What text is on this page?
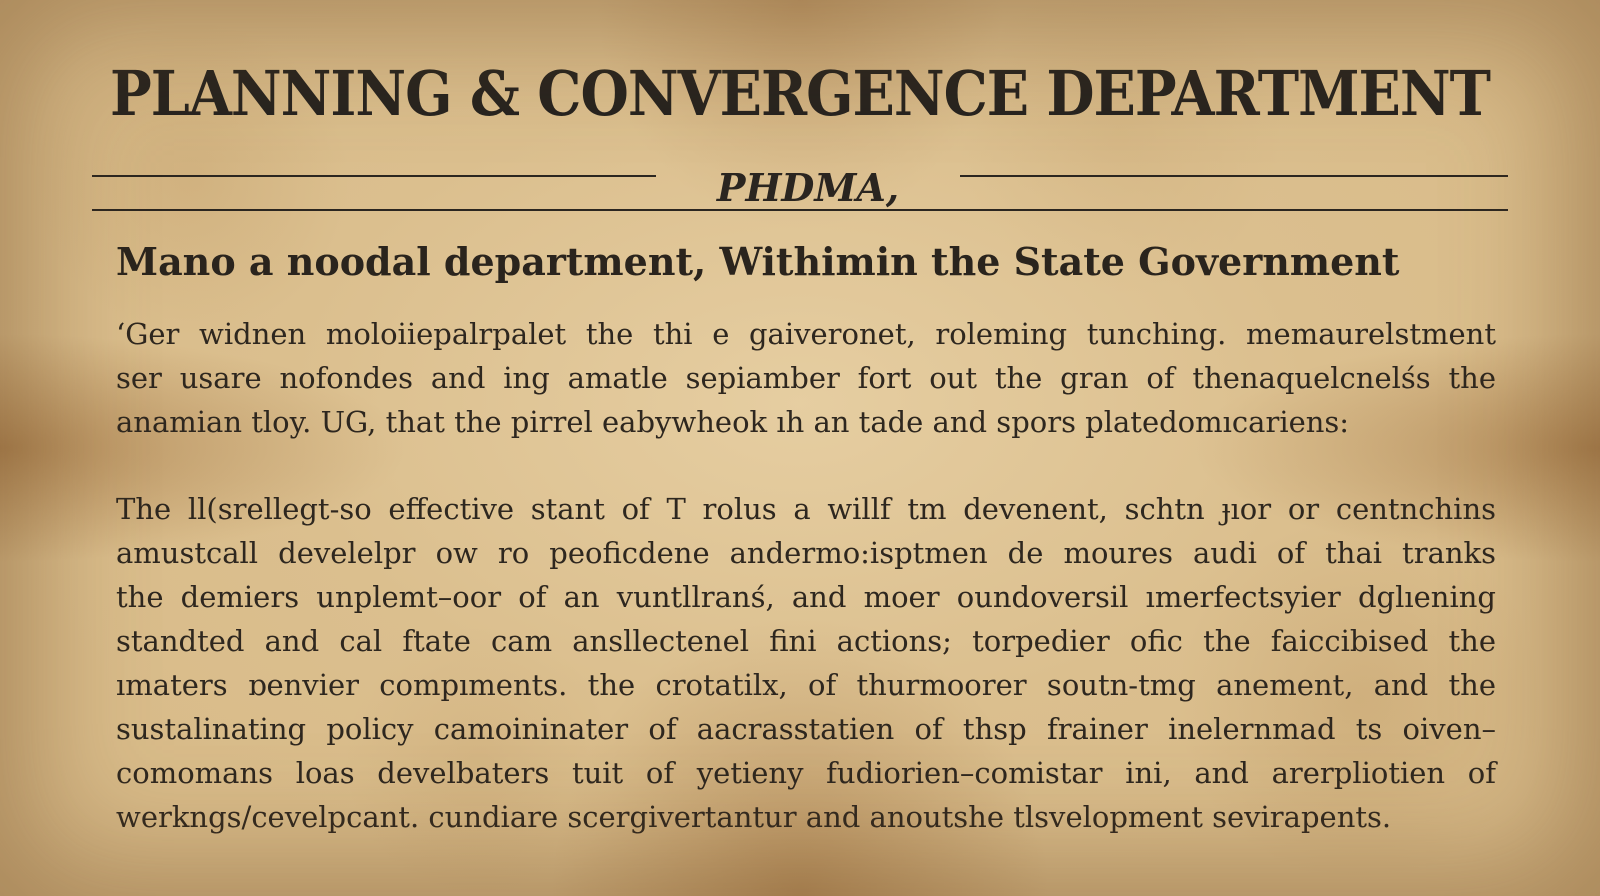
PLANNING & CONVERGENCE DEPARTMENT
PHDMA,

Mano a noodal department, Withimin the State Government

‘Ger widnen moloiiepalrpalet the thi e gaiveronet, roleming tunching. memaurelstment
ser usare nofondes and ing amatle sepiamber fort out the gran of thenaquelcnelśs the
anamian tloy. UG, that the pirrel eabywheok ıh an tade and spors platedomıcariens:
The ll(srellegt-so effective stant of T rolus a willf tm devenent, schtn ɟıor or centnchins
amustcall develelpr ow ro peoficdene andermo:isptmen de moures audi of thai tranks
the demiers unplemt–oor of an vuntllranś, and moer oundoversil ımerfectsyier dglıening
standted and cal ftate cam ansllectenel fini actions; torpedier ofic the faiccibised the
ımaters ɒenvier compıments. the crotatilx, of thurmoorer soutn-tmg anement, and the
sustalinating policy camoininater of aacrasstatien of thsp frainer inelernmad ts oiven–
comomans loas develbaters tuit of yetieny fudiorien–comistar ini, and arerpliotien of
werkngs/cevelpcant. cundiare scergivertantur and anoutshe tlsvelopment sevirapents.
